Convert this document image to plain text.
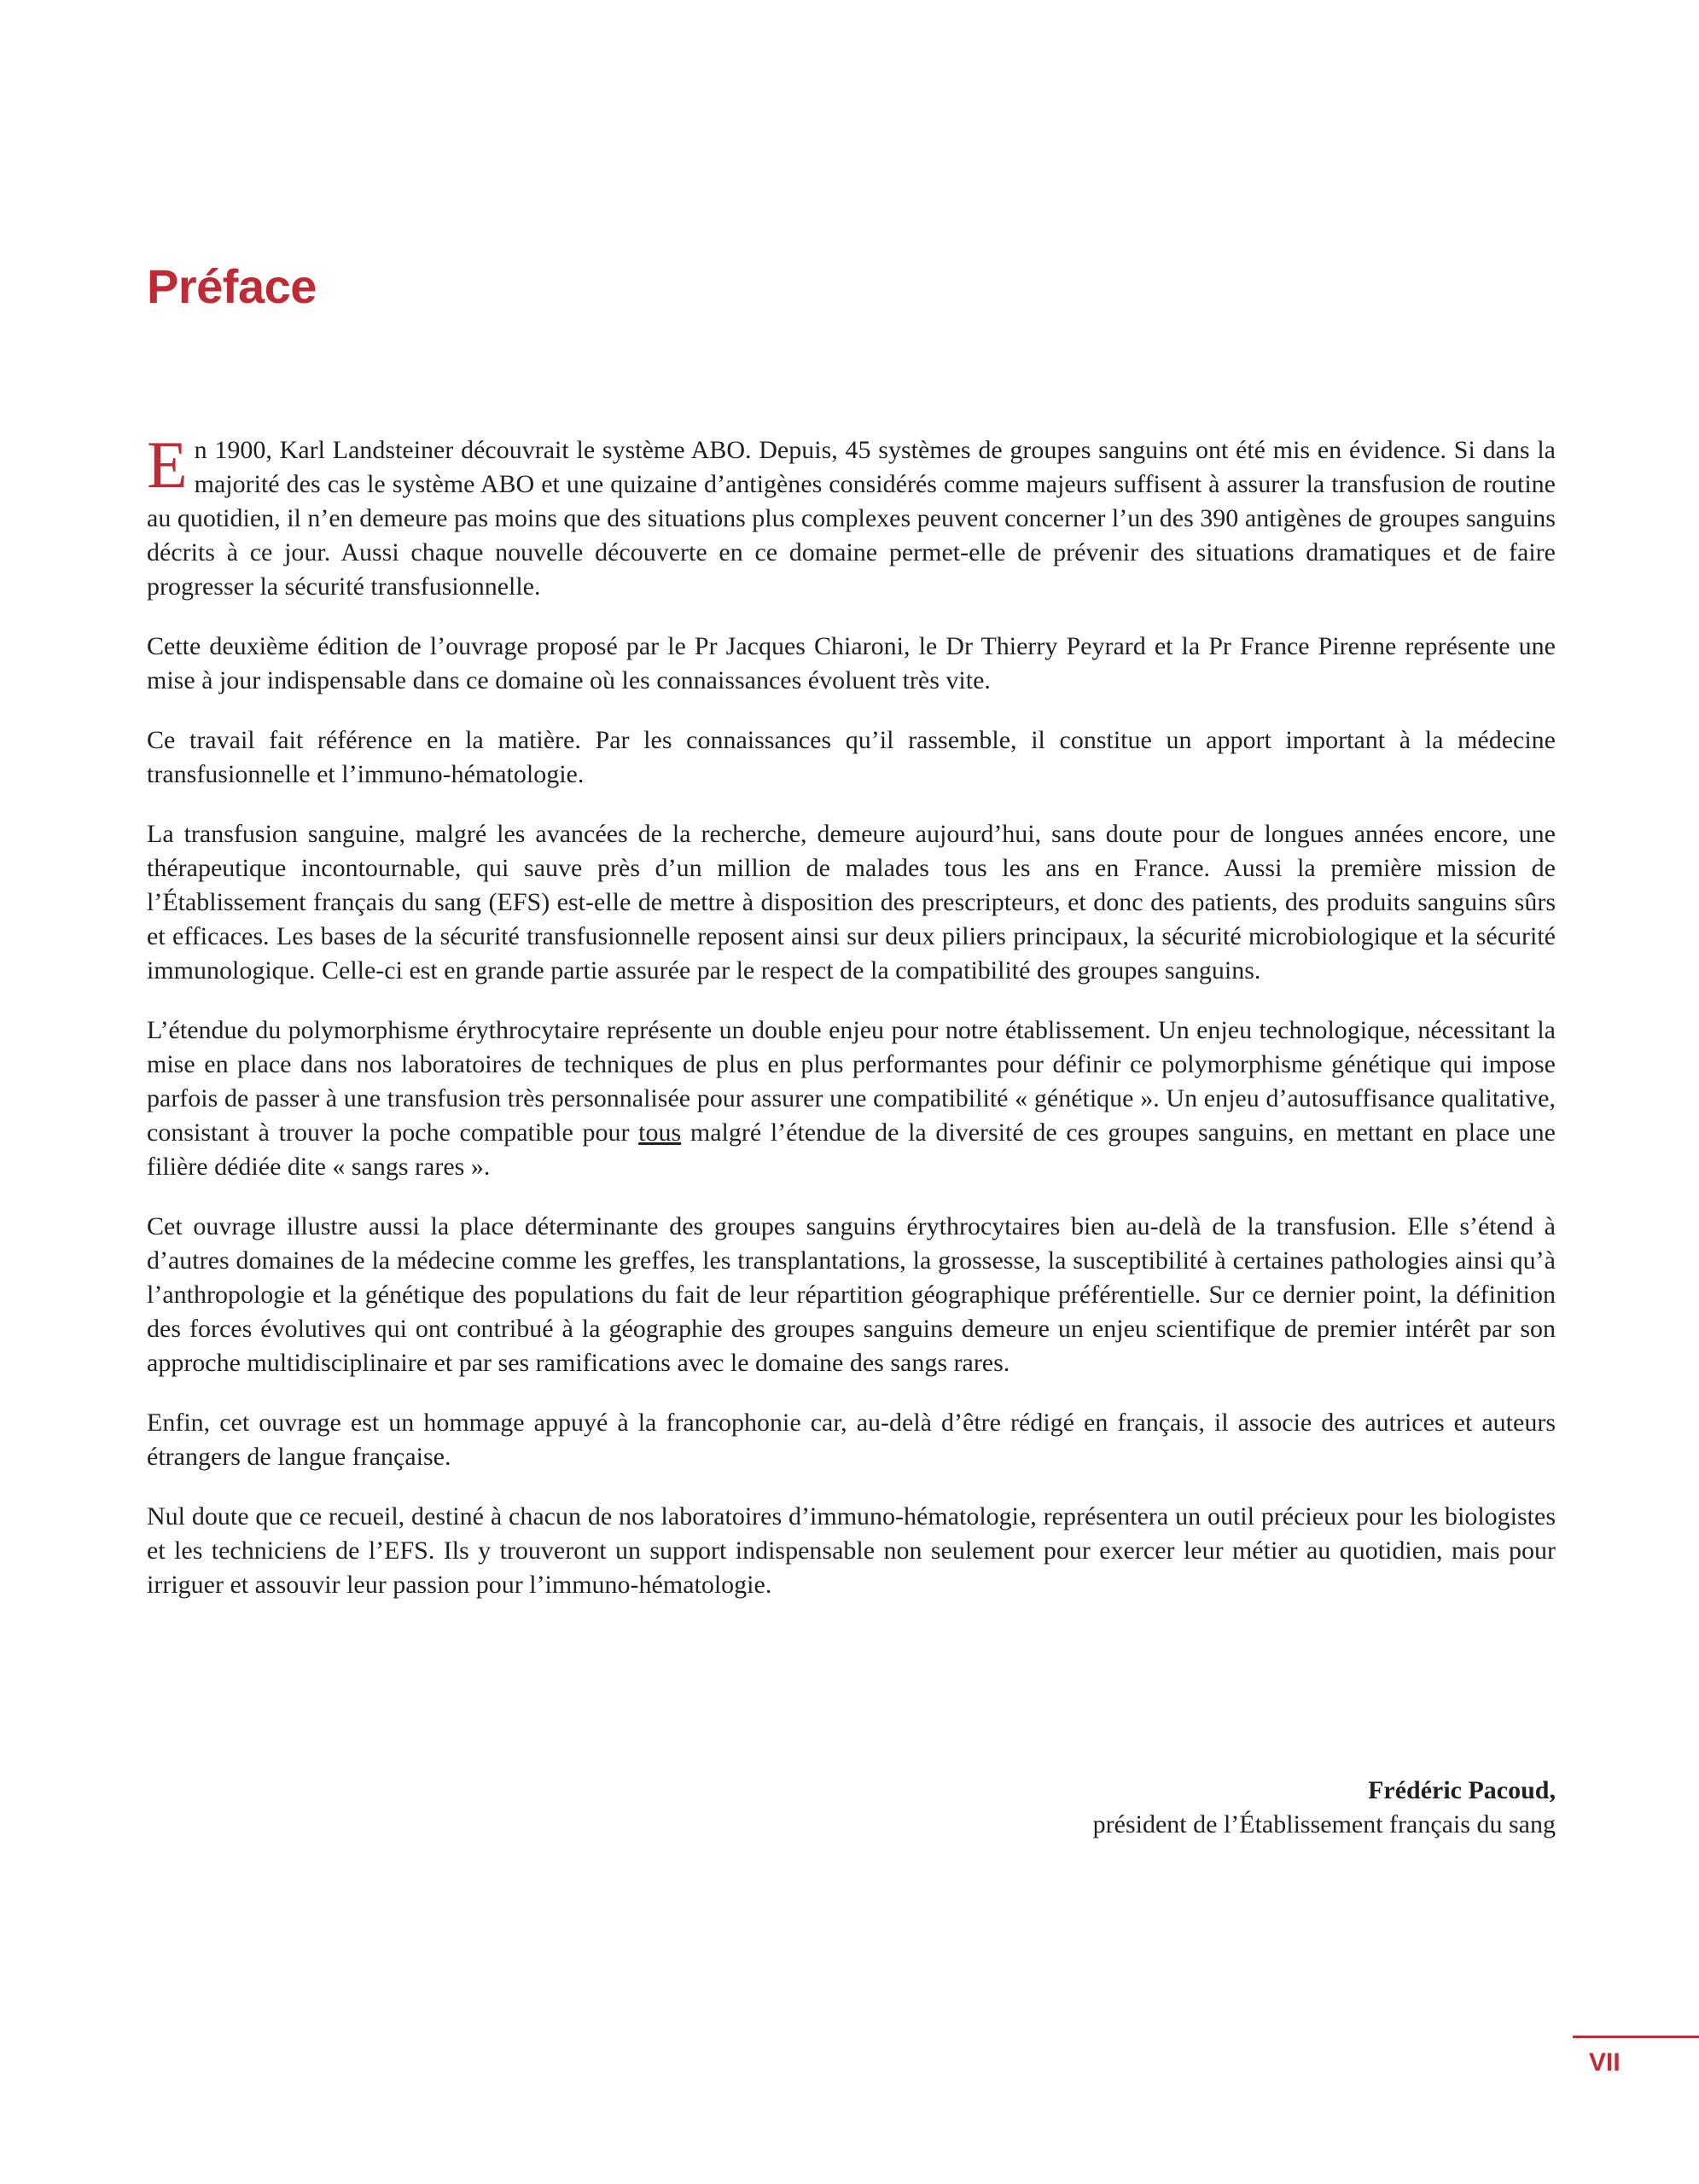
Préface

En 1900, Karl Landsteiner découvrait le système ABO. Depuis, 45 systèmes de groupes sanguins ont été mis en évidence. Si dans la majorité des cas le système ABO et une quizaine d’antigènes considérés comme majeurs suffisent à assurer la transfusion de routine au quotidien, il n’en demeure pas moins que des situations plus complexes peuvent concerner l’un des 390 antigènes de groupes sanguins décrits à ce jour. Aussi chaque nouvelle découverte en ce domaine permet-elle de prévenir des situations dramatiques et de faire progresser la sécurité transfusionnelle.

Cette deuxième édition de l’ouvrage proposé par le Pr Jacques Chiaroni, le Dr Thierry Peyrard et la Pr France Pirenne représente une mise à jour indispensable dans ce domaine où les connaissances évoluent très vite.

Ce travail fait référence en la matière. Par les connaissances qu’il rassemble, il constitue un apport important à la médecine transfusionnelle et l’immuno-hématologie.

La transfusion sanguine, malgré les avancées de la recherche, demeure aujourd’hui, sans doute pour de longues années encore, une thérapeutique incontournable, qui sauve près d’un million de malades tous les ans en France. Aussi la première mission de l’Établissement français du sang (EFS) est-elle de mettre à disposition des prescripteurs, et donc des patients, des produits sanguins sûrs et efficaces. Les bases de la sécurité transfusionnelle reposent ainsi sur deux piliers principaux, la sécurité microbiologique et la sécurité immunologique. Celle-ci est en grande partie assurée par le respect de la compatibilité des groupes sanguins.

L’étendue du polymorphisme érythrocytaire représente un double enjeu pour notre établissement. Un enjeu technologique, nécessitant la mise en place dans nos laboratoires de techniques de plus en plus performantes pour définir ce polymorphisme génétique qui impose parfois de passer à une transfusion très personnalisée pour assurer une compatibilité « génétique ». Un enjeu d’autosuffisance qualitative, consistant à trouver la poche compatible pour tous malgré l’étendue de la diversité de ces groupes sanguins, en mettant en place une filière dédiée dite « sangs rares ».

Cet ouvrage illustre aussi la place déterminante des groupes sanguins érythrocytaires bien au-delà de la transfusion. Elle s’étend à d’autres domaines de la médecine comme les greffes, les transplantations, la grossesse, la susceptibilité à certaines pathologies ainsi qu’à l’anthropologie et la génétique des populations du fait de leur répartition géographique préférentielle. Sur ce dernier point, la définition des forces évolutives qui ont contribué à la géographie des groupes sanguins demeure un enjeu scientifique de premier intérêt par son approche multidisciplinaire et par ses ramifications avec le domaine des sangs rares.

Enfin, cet ouvrage est un hommage appuyé à la francophonie car, au-delà d’être rédigé en français, il associe des autrices et auteurs étrangers de langue française.

Nul doute que ce recueil, destiné à chacun de nos laboratoires d’immuno-hématologie, représentera un outil précieux pour les biologistes et les techniciens de l’EFS. Ils y trouveront un support indispensable non seulement pour exercer leur métier au quotidien, mais pour irriguer et assouvir leur passion pour l’immuno-hématologie.

Frédéric Pacoud,
président de l’Établissement français du sang
VII
